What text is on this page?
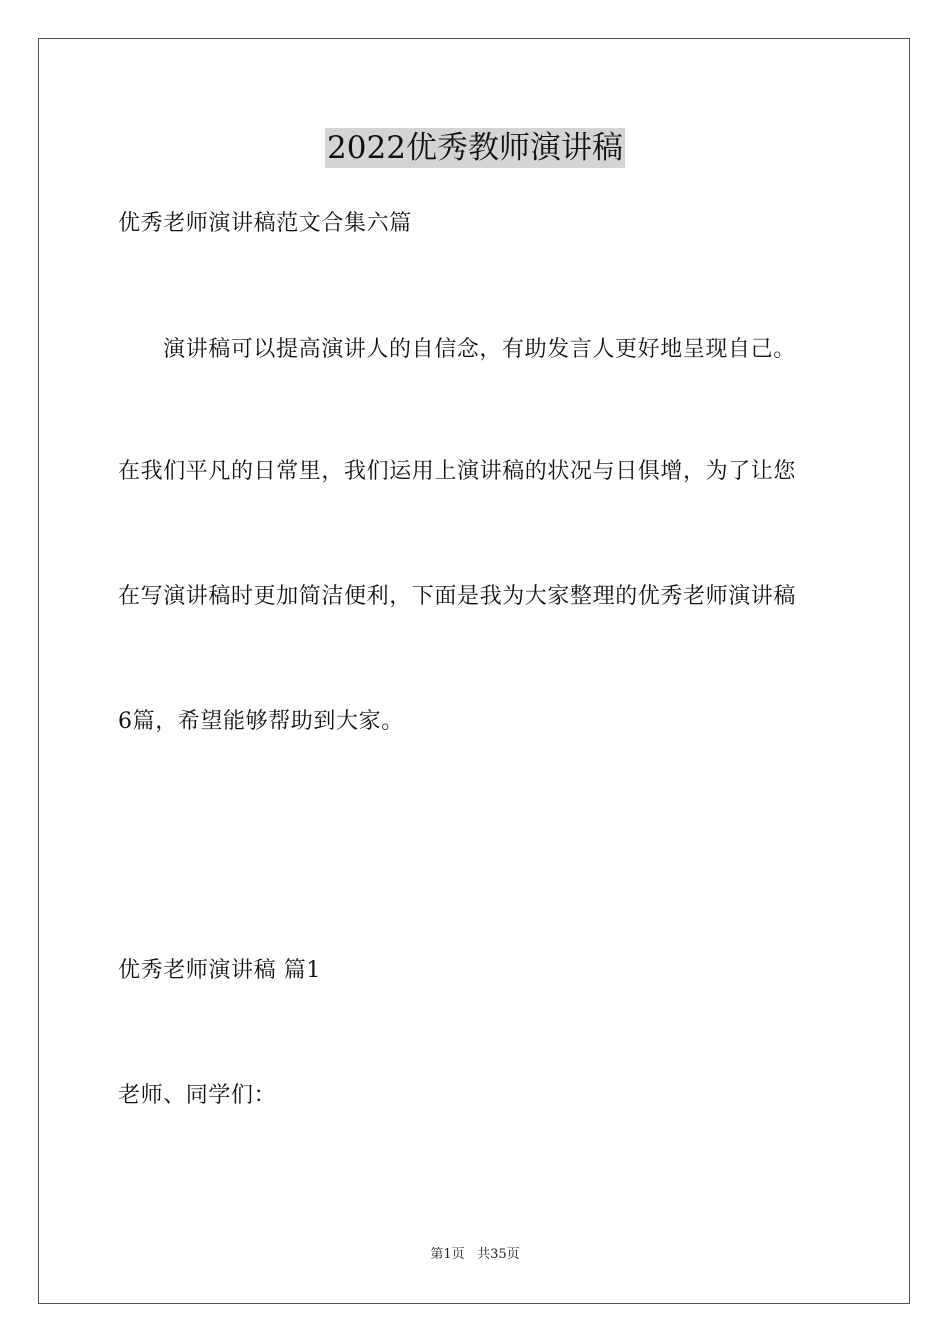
2022优秀教师演讲稿
优秀老师演讲稿范文合集六篇
演讲稿可以提高演讲人的自信念，有助发言人更好地呈现自己。
在我们平凡的日常里，我们运用上演讲稿的状况与日俱增，为了让您
在写演讲稿时更加简洁便利，下面是我为大家整理的优秀老师演讲稿
6篇，希望能够帮助到大家。
优秀老师演讲稿 篇1
老师、同学们：
第1页 共35页
